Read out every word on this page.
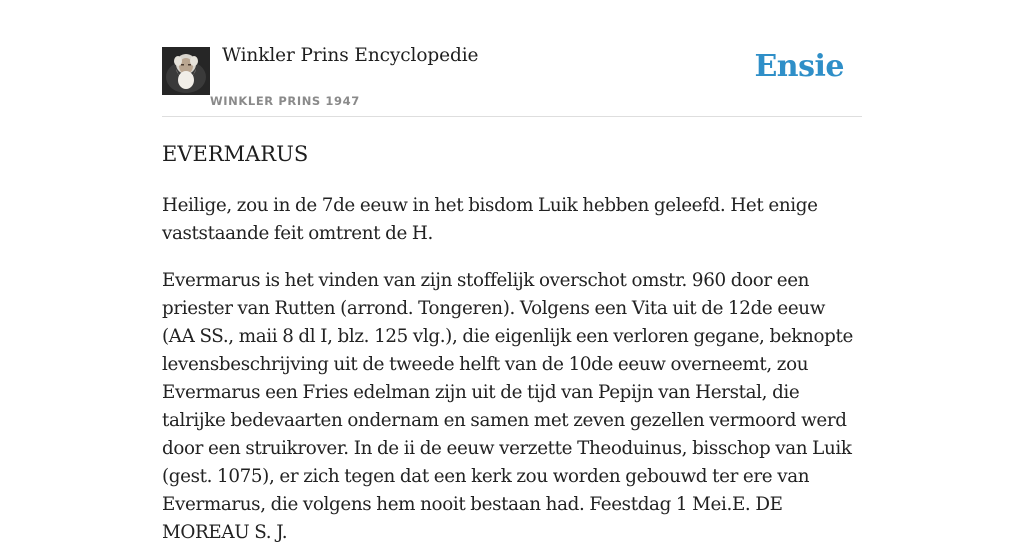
Winkler Prins Encyclopedie
WINKLER PRINS 1947
Ensie
EVERMARUS

Heilige, zou in de 7de eeuw in het bisdom Luik hebben geleefd. Het enige vaststaande feit omtrent de H.

Evermarus is het vinden van zijn stoffelijk overschot omstr. 960 door een priester van Rutten (arrond. Tongeren). Volgens een Vita uit de 12de eeuw (AA SS., maii 8 dl I, blz. 125 vlg.), die eigenlijk een verloren gegane, beknopte levensbeschrijving uit de tweede helft van de 10de eeuw overneemt, zou Evermarus een Fries edelman zijn uit de tijd van Pepijn van Herstal, die talrijke bedevaarten ondernam en samen met zeven gezellen vermoord werd door een struikrover. In de ii de eeuw verzette Theoduinus, bisschop van Luik (gest. 1075), er zich tegen dat een kerk zou worden gebouwd ter ere van Evermarus, die volgens hem nooit bestaan had. Feestdag 1 Mei.E. DE MOREAU S. J.
